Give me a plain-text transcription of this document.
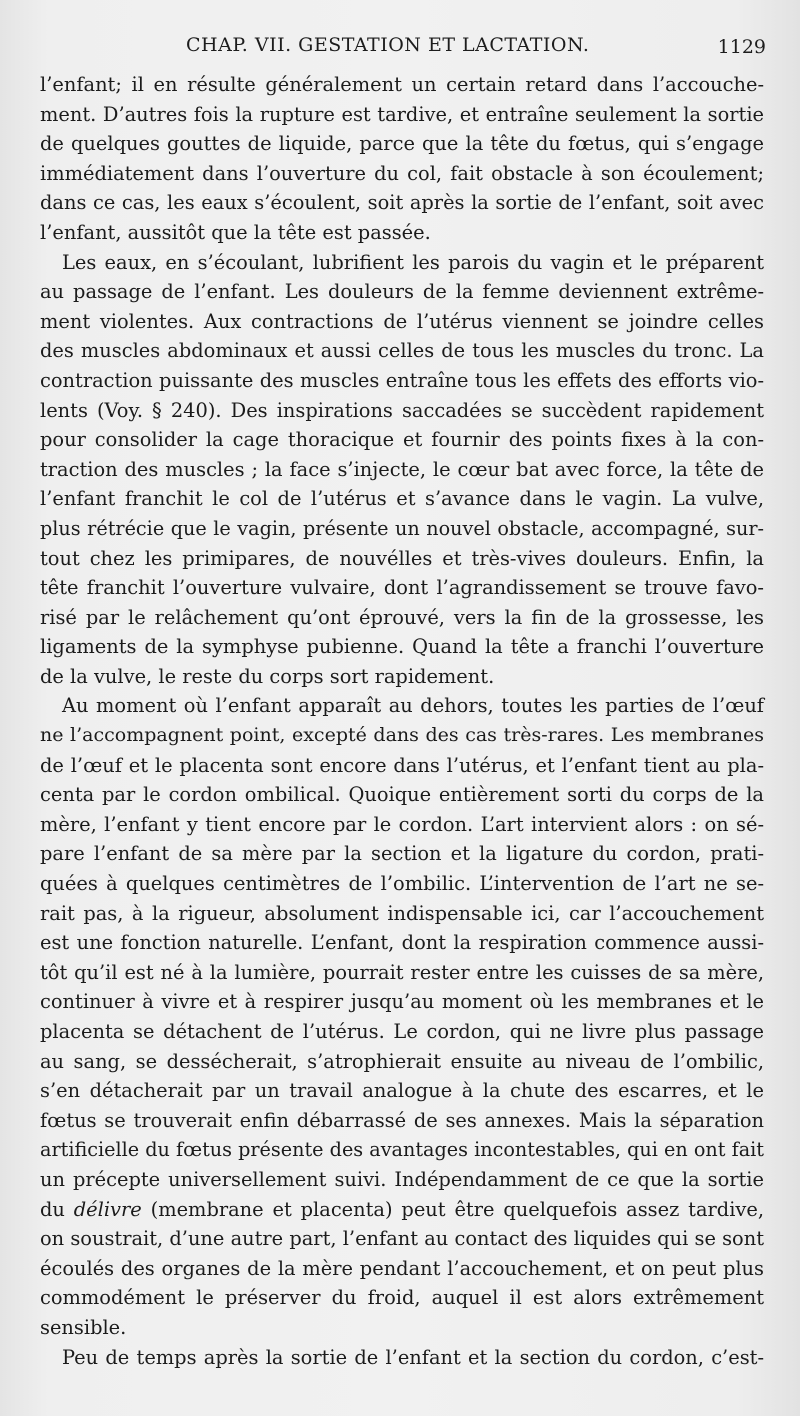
CHAP. VII. GESTATION ET LACTATION.	1129
l’enfant; il en résulte généralement un certain retard dans l’accouche-
ment. D’autres fois la rupture est tardive, et entraîne seulement la sortie
de quelques gouttes de liquide, parce que la tête du fœtus, qui s’engage
immédiatement dans l’ouverture du col, fait obstacle à son écoulement;
dans ce cas, les eaux s’écoulent, soit après la sortie de l’enfant, soit avec
l’enfant, aussitôt que la tête est passée.
Les eaux, en s’écoulant, lubrifient les parois du vagin et le préparent
au passage de l’enfant. Les douleurs de la femme deviennent extrême-
ment violentes. Aux contractions de l’utérus viennent se joindre celles
des muscles abdominaux et aussi celles de tous les muscles du tronc. La
contraction puissante des muscles entraîne tous les effets des efforts vio-
lents (Voy. § 240). Des inspirations saccadées se succèdent rapidement
pour consolider la cage thoracique et fournir des points fixes à la con-
traction des muscles ; la face s’injecte, le cœur bat avec force, la tête de
l’enfant franchit le col de l’utérus et s’avance dans le vagin. La vulve,
plus rétrécie que le vagin, présente un nouvel obstacle, accompagné, sur-
tout chez les primipares, de nouvélles et très-vives douleurs. Enfin, la
tête franchit l’ouverture vulvaire, dont l’agrandissement se trouve favo-
risé par le relâchement qu’ont éprouvé, vers la fin de la grossesse, les
ligaments de la symphyse pubienne. Quand la tête a franchi l’ouverture
de la vulve, le reste du corps sort rapidement.
Au moment où l’enfant apparaît au dehors, toutes les parties de l’œuf
ne l’accompagnent point, excepté dans des cas très-rares. Les membranes
de l’œuf et le placenta sont encore dans l’utérus, et l’enfant tient au pla-
centa par le cordon ombilical. Quoique entièrement sorti du corps de la
mère, l’enfant y tient encore par le cordon. L’art intervient alors : on sé-
pare l’enfant de sa mère par la section et la ligature du cordon, prati-
quées à quelques centimètres de l’ombilic. L’intervention de l’art ne se-
rait pas, à la rigueur, absolument indispensable ici, car l’accouchement
est une fonction naturelle. L’enfant, dont la respiration commence aussi-
tôt qu’il est né à la lumière, pourrait rester entre les cuisses de sa mère,
continuer à vivre et à respirer jusqu’au moment où les membranes et le
placenta se détachent de l’utérus. Le cordon, qui ne livre plus passage
au sang, se dessécherait, s’atrophierait ensuite au niveau de l’ombilic,
s’en détacherait par un travail analogue à la chute des escarres, et le
fœtus se trouverait enfin débarrassé de ses annexes. Mais la séparation
artificielle du fœtus présente des avantages incontestables, qui en ont fait
un précepte universellement suivi. Indépendamment de ce que la sortie
du délivre (membrane et placenta) peut être quelquefois assez tardive,
on soustrait, d’une autre part, l’enfant au contact des liquides qui se sont
écoulés des organes de la mère pendant l’accouchement, et on peut plus
commodément le préserver du froid, auquel il est alors extrêmement
sensible.
Peu de temps après la sortie de l’enfant et la section du cordon, c’est-
